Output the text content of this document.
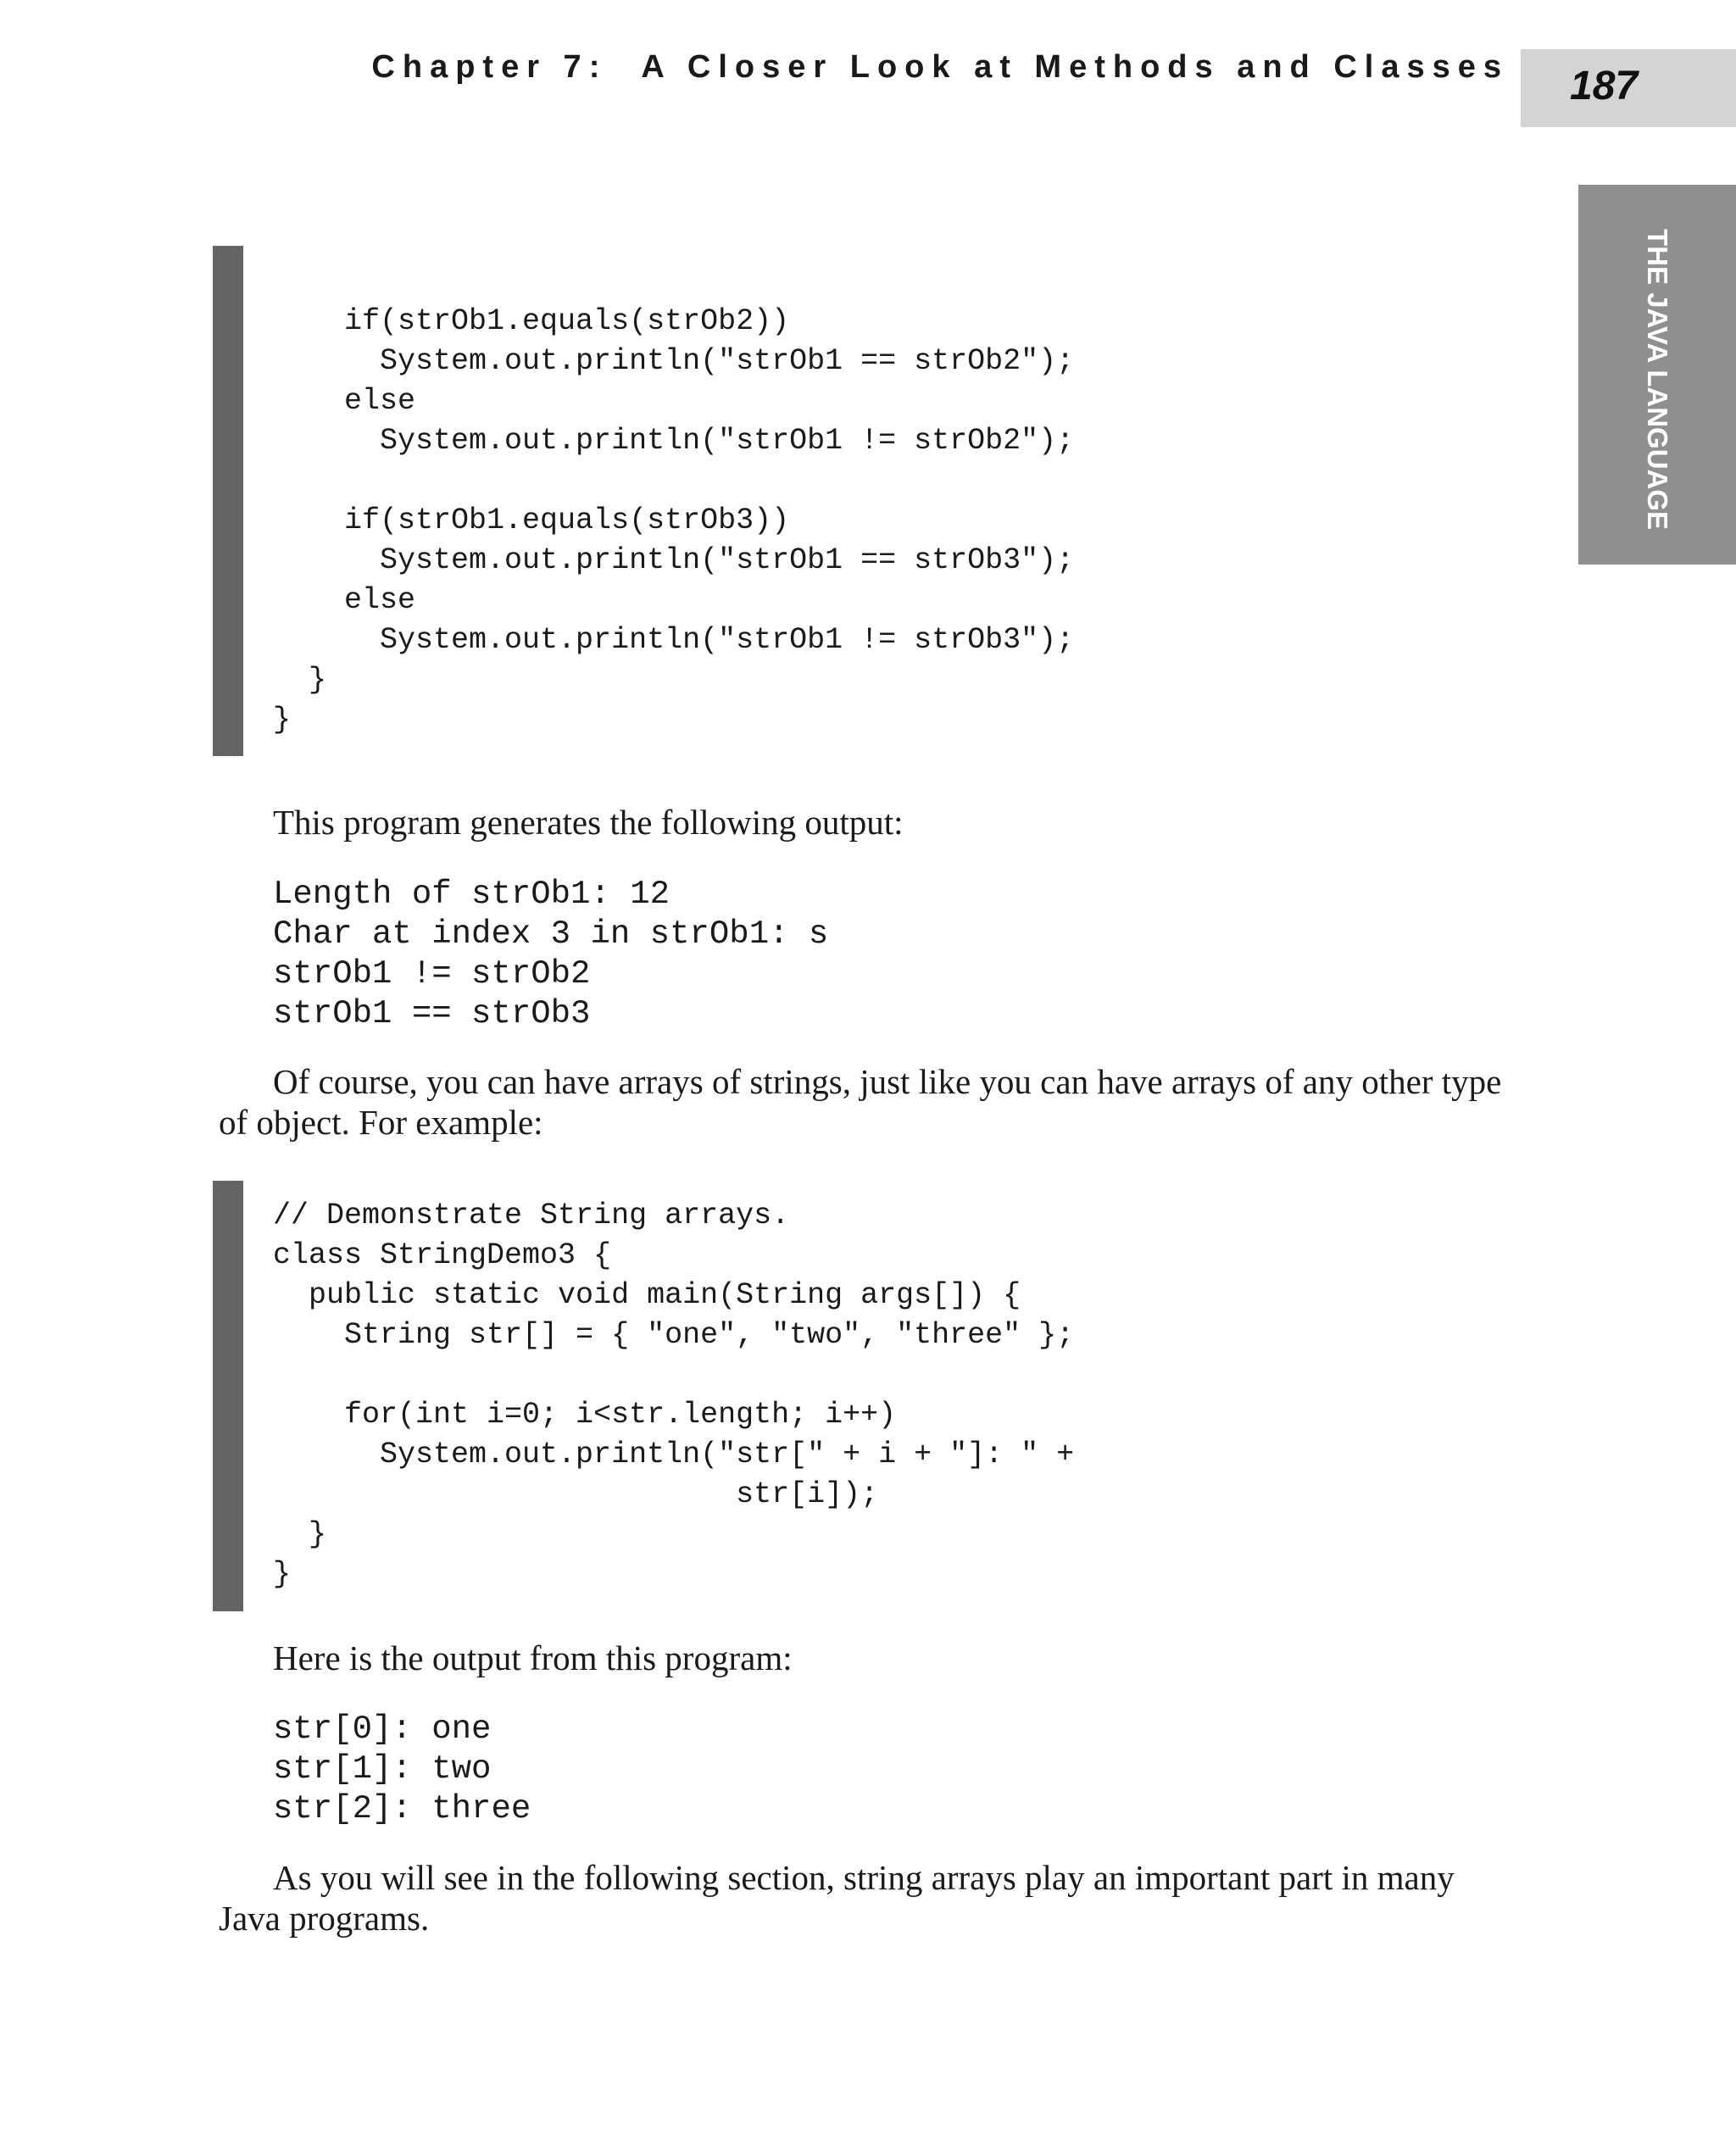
Chapter 7: A Closer Look at Methods and Classes 187
THE JAVA LANGUAGE
if(strOb1.equals(strOb2))
System.out.println("strOb1 == strOb2");
else
System.out.println("strOb1 != strOb2");
if(strOb1.equals(strOb3))
System.out.println("strOb1 == strOb3");
else
System.out.println("strOb1 != strOb3");
}
}

This program generates the following output:

Length of strOb1: 12
Char at index 3 in strOb1: s
strOb1 != strOb2
strOb1 == strOb3

Of course, you can have arrays of strings, just like you can have arrays of any other type of object. For example:

// Demonstrate String arrays.
class StringDemo3 {
public static void main(String args[]) {
String str[] = { "one", "two", "three" };
for(int i=0; i<str.length; i++)
System.out.println("str[" + i + "]: " +
str[i]);
}
}

Here is the output from this program:

str[0]: one
str[1]: two
str[2]: three

As you will see in the following section, string arrays play an important part in many Java programs.
